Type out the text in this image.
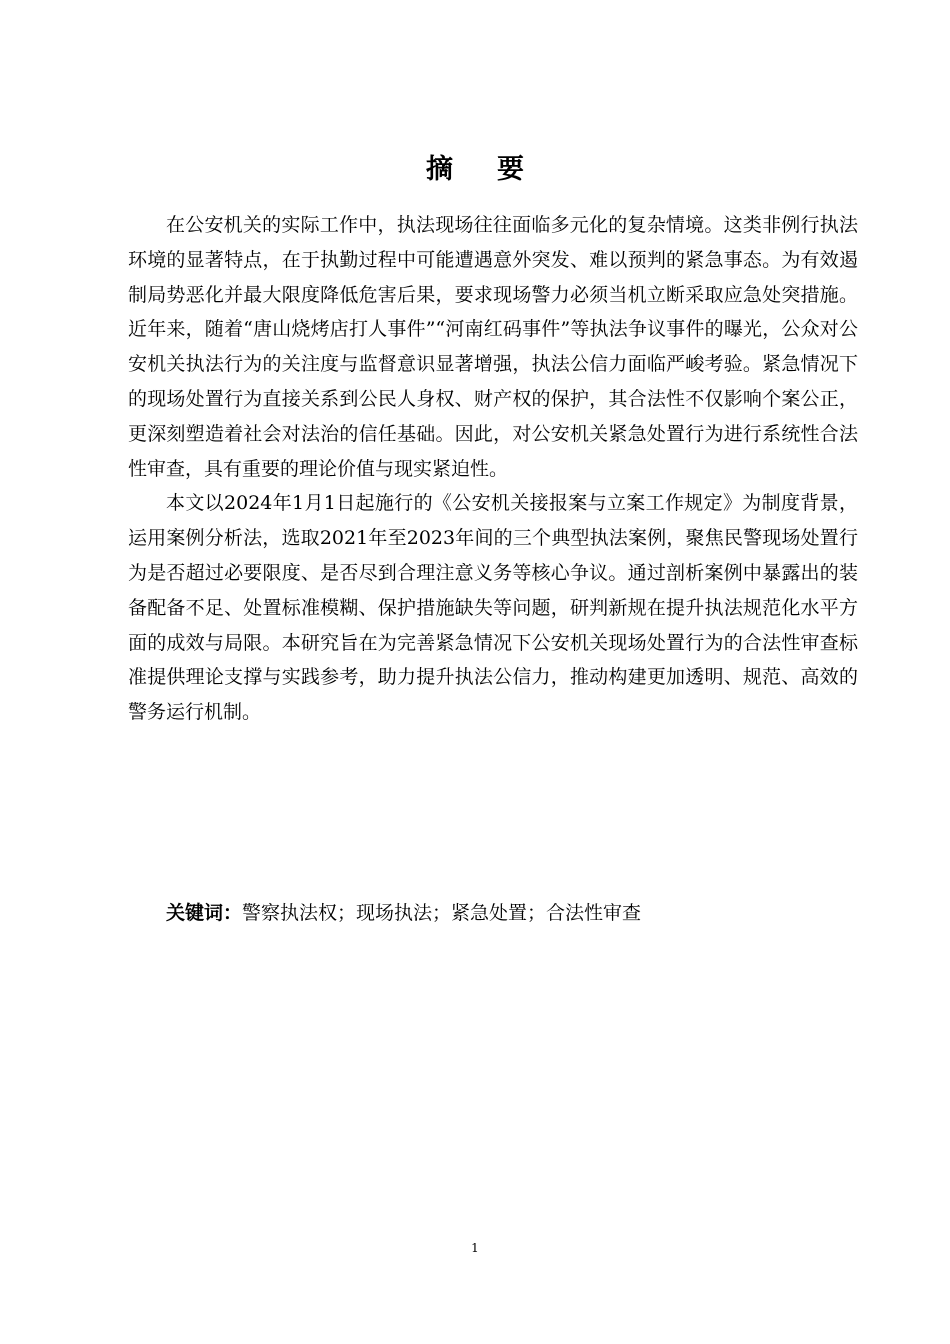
摘要

在公安机关的实际工作中，执法现场往往面临多元化的复杂情境。这类非例行执法环境的显著特点，在于执勤过程中可能遭遇意外突发、难以预判的紧急事态。为有效遏制局势恶化并最大限度降低危害后果，要求现场警力必须当机立断采取应急处突措施。近年来，随着“唐山烧烤店打人事件”“河南红码事件”等执法争议事件的曝光，公众对公安机关执法行为的关注度与监督意识显著增强，执法公信力面临严峻考验。紧急情况下的现场处置行为直接关系到公民人身权、财产权的保护，其合法性不仅影响个案公正，更深刻塑造着社会对法治的信任基础。因此，对公安机关紧急处置行为进行系统性合法性审查，具有重要的理论价值与现实紧迫性。

本文以2024年1月1日起施行的《公安机关接报案与立案工作规定》为制度背景，运用案例分析法，选取2021年至2023年间的三个典型执法案例，聚焦民警现场处置行为是否超过必要限度、是否尽到合理注意义务等核心争议。通过剖析案例中暴露出的装备配备不足、处置标准模糊、保护措施缺失等问题，研判新规在提升执法规范化水平方面的成效与局限。本研究旨在为完善紧急情况下公安机关现场处置行为的合法性审查标准提供理论支撑与实践参考，助力提升执法公信力，推动构建更加透明、规范、高效的警务运行机制。

关键词：警察执法权；现场执法；紧急处置；合法性审查
1
